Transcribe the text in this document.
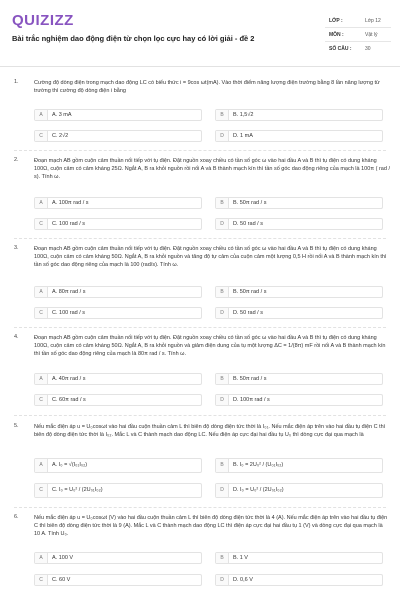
QUIZIZZ
Bài trắc nghiệm dao động điện từ chọn lọc cực hay có lời giải - đề 2
LỚP :	Lớp 12
MÔN :	Vật lý
SỐ CÂU :	30
1.	Cường độ dòng điện trong mạch dao động LC có biểu thức i = 9cos ωt(mA). Vào thời điểm năng lượng điện trường bằng 8 lần năng lượng từ trường thì cường độ dòng điện i bằng
A	A. 3 mA	B	B. 1,5√2
C	C. 2√2	D	D. 1 mA
2.	Đoạn mạch AB gồm cuộn cảm thuần nối tiếp với tụ điện. Đặt nguồn xoay chiều có tần số góc ω vào hai đầu A và B thì tụ điện có dung kháng 100Ω, cuộn cảm có cảm kháng 25Ω. Ngắt A, B ra khỏi nguồn rồi nối A và B thành mạch kín thì tần số góc dao động riêng của mạch là 100π ( rad / s). Tính ω.
A	A. 100π rad / s	B	B. 50π rad / s
C	C. 100 rad / s	D	D. 50 rad / s
3.	Đoạn mạch AB gồm cuộn cảm thuần nối tiếp với tụ điện. Đặt nguồn xoay chiều có tần số góc ω vào hai đầu A và B thì tụ điện có dung kháng 100Ω, cuộn cảm có cảm kháng 50Ω. Ngắt A, B ra khỏi nguồn và tăng độ tự cảm của cuộn cảm một lượng 0,5 H rồi nối A và B thành mạch kín thì tần số góc dao động riêng của mạch là 100 (rad/s). Tính ω.
A	A. 80π rad / s	B	B. 50π rad / s
C	C. 100 rad / s	D	D. 50 rad / s
4.	Đoạn mạch AB gồm cuộn cảm thuần nối tiếp với tụ điện. Đặt nguồn xoay chiều có tần số góc ω vào hai đầu A và B thì tụ điện có dung kháng 100Ω, cuộn cảm có cảm kháng 50Ω. Ngắt A, B ra khỏi nguồn và giảm điện dung của tụ một lượng ΔC = 1/(8π) mF rồi nối A và B thành mạch kín thì tần số góc dao động riêng của mạch là 80π rad / s. Tính ω.
A	A. 40π rad / s	B	B. 50π rad / s
C	C. 60π rad / s	D	D. 100π rad / s
5.	Nếu mắc điện áp u = U₀cosωt vào hai đầu cuộn thuần cảm L thì biên độ dòng điện tức thời là I₀₁. Nếu mắc điện áp trên vào hai đầu tụ điện C thì biên độ dòng điện tức thời là I₀₂. Mắc L và C thành mạch dao động LC. Nếu điện áp cực đại hai đầu tụ U₀ thì dòng cực đại qua mạch là
A	A. I₀ = √(I₀₁I₀₂)	B	B. I₀ = 2U₀² / (U₀₁I₀₂)
C	C. I₀ = U₀² / (2U₀₁I₀₂)	D	D. I₀ = U₀² / (2U₀₁I₀₂)
6.	Nếu mắc điện áp u = U₀cosωt (V) vào hai đầu cuộn thuần cảm L thì biên độ dòng điện tức thời là 4 (A). Nếu mắc điện áp trên vào hai đầu tụ điện C thì biên độ dòng điện tức thời là 9 (A). Mắc L và C thành mạch dao động LC thì điện áp cực đại hai đầu tụ 1 (V) và dòng cực đại qua mạch là 10 A. Tính U₀.
A	A. 100 V	B	B. 1 V
C	C. 60 V	D	D. 0,6 V
